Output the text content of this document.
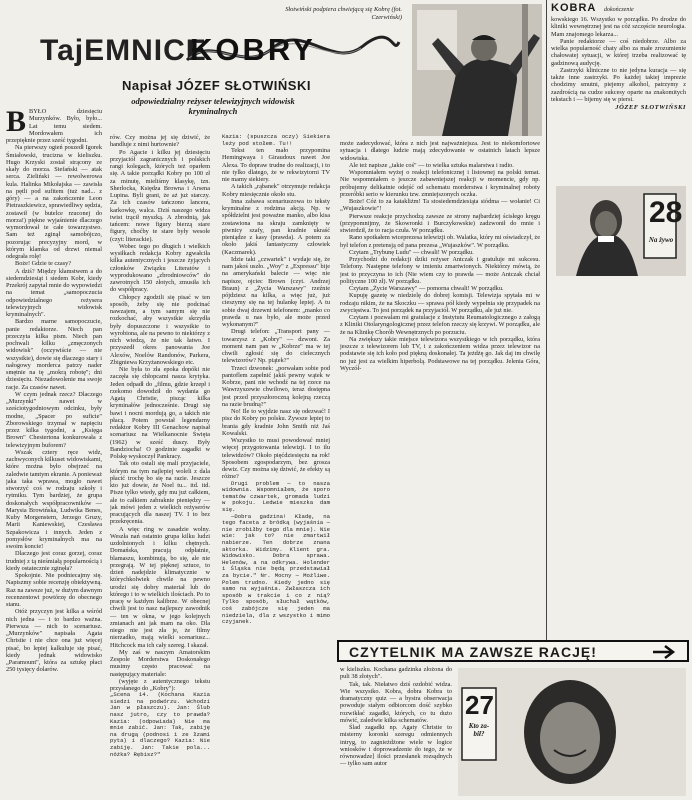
TajEMNICE
KOBRY
Napisał JÓZEF SŁOTWIŃSKI
odpowiedzialny reżyser telewizyjnych widowisk kryminalnych
Słotwiński podpiera chwiejącą się Kobrę (fot. Czerwiński)

BBYŁO dziesięciu Murzynków. Było, było... Lat temu siedem. Mordowałem ich przepięknie przez sześć tygodni.

Na pierwszy ogień poszedł Igorek Śmiałowski, truciznа w kieliszku. Hugo Krzyski został strącony ze skały do morza. Stefański — atak serca. Zielińskі — rewolwerowa kula. Halinka Mikołajska — zawisła na pętli pod sufitem (tuż nad... z góry) — a na zakończenie Leon Pietraszkiewicz, sprawiedliwy sędzia, zostawił (w butelce rzuconej do morza!) piękne wyjaśnienie dlaczego wymordował te całe towarzystwo. Sam też zginął samobójczo, pozorując precyzyjny mord, w którym klamka od drzwi niemal odegrała rolę!

Boże! Gdzie te czasy?

A dziś? Między kłamstwem a do siedemdziesiąt i siedem Kobr, kiedy Przekrój zapytał mnie do wypowiedzi na temat „samopoczucia odpowiedzialnego reżysera telewizyjnych widowisk kryminalnych".

Bardzo marne samopoczucie, panie redaktorze. Niech pan przeczyta kilka pism. Niech pan pochwali kilku „zmęczonych widowisk" (oczywiście — nie wszystkie), dowie się dlaczego stary i nałogowy morderca patrzy nader smętnie na tę „mokrą robotę"; dni dziesięciu. Niezadowolenie ma swoje racje. Za czasów nawet.

W czym jednak rzecz? Dlaczego „Murzynki" nawet w sześciotygodniowym odcinku, były modne, „Spacer po suficie" Zborowskiego trzymał w napięciu przez kilka tygodni, a „Księga Brown" Chestertona konkurowała z telewizyjnym buforem?

Wszak cztery ręce widz, zachwyconych kilkuset widowiskami, które można było obejrzeć na zaledwie tamtym ekranie. A ponieważ jaka taka wprawa, mogło nawet stworzyć coś w rodzaju szkoły i rytmiku. Tym bardziej, że grupa doskonałych współpracowników — Marysia Browińska, Ludwika Benes, Kuby Morgenstern, Jerzego Gruzy, Marii Kaniewskiej, Czesława Szpakowicza i innych. Jeden z pomysłów kryminalnych ma na swoim koncie!

Dlaczego jest coraz gorzej, coraz trudniej z tą nieśmiałą popularnością i kiedy ostatecznie zginęła?

Spokojnie. Nie podniecajmy się. Napiszmy sobie recenzję obiektywną. Raz na zawsze już, w dużym dawnym recenzentowi powtórzę do obecnego stanu.

Otóż przyczyn jest kilka a wśród nich jedna — i to bardzo ważna. Pierwsza — nich to scenariusz. „Murzynków" napisała Agata Christie i nie chce ona już więcej pisać, bo lepiej kalkuluje się pisać, kiedy jednak widowisko „Paramount", która za sztukę płaci 250 tysięcy dolarów.

rów. Czy można jej się dziwić, że handluje z nimi hurtownie?

Po Agacie i kilku jej dziesięciu przyjaciół zagranicznych i polskich rangi kolegach, których też oparłem się. A takie porządki Kobry po 100 zł za minutę, mieliśmy klasykę, tzn. Sherlocka, Księdza Browna i Arsena Lupina. Byli grani, że aż już starczy. Za ich czasów tańczono lancera, karkowkę, walca. Dziś naszego widza twist trącił myszką. A zbrodnią, jak tańcem: nowe figury bierzą stare figury, choćby te stare były wesołe (czyt: literackie).

Wobec tego po długich i wielkich wysiłkach redakcja Kobry zgwałciła kilka autentycznych i jeszcze żyjących członków Związku Literatów i wyprodukowano „zbrodniowców" do zawrotnych 150 złotych, zmusiła ich do współpracy.

Chłopcy zgodzili się pisać w ten sposób, żeby się nie podcinać nawzajem, a tym samym się nie rozkochać, aby wszystkie skrzydła były dopuszczone i wszystkie to wyrobiona, ale na pewno to niektórzy z nich wiedzą, że nie tak łatwo. I przyszedł okres panowania Joe Alexów, Noelów Randonów, Parkera, Zbigniewa Krzyżanowskiego etc.

Nie była to zła epoka dopóki nie zaczęła się chłopcami nasza krytyka. Jeden odpadł do „filmu, gdzie krzepł i rzekomo dowodził do wydania go Agatą Christie, pisząc kilka kryminałów jednocześnie. Drugi się bawi i nocni mordują go, a takich nie płacą. Potem powstał legendarny redaktor Kobry III Genachow napisał scenariusz na Wielkanocnie Święta (1962) w sześć duszy. Były Bandziocha! O godzinie zagadki w Polskę wyskoczył Pankracy.

Tak oto ostali się mali przyjaciele, którym na tym najlepiej woleli z dala płacić trochę bo się na razie. Jeszcze kto już dowie, że Noel tu... itd. itd. Pisze tylko wtedy, gdy mu już całkiem, ale to całkiem zabraknie pieniędzy — jak mówi jeden z wielkich reżyserów pracujących dla naszej TV. I to bez przekręcenia.

A więc ring w zasadzie wolny. Weszła nań ostatnio grupa kilku ludzi uzdolnionych i kilku chętnych. Domańska, pracują odpłatnie, blamaszu, kombinują, bo się, ale nie przegrają. W tej pięknej sztuce, to dzień nadejdzie klimatycznie w którychkolwiek chwile na pewno urodzi się dobry materiał lub do którego i to w wielkich ilościach. Po to pracę w każdym kalibrze. W obecnej chwili jest to nasz najlepszy zawodnik — ten w okna, w jego kolejnych zmianach ani jak mam na oko. Dla niego nie jest zła je, że filmy nierzadko, mają wielki scenariusz... Hitchcock ma ich cały szereg. I skazał.

My zaś w naszym Amatorskim Zespole Morderstwa Doskonałego musimy często pracować na następujący materiale:

(wyjęte z autentycznego tekstu przysłanego do „Kobry"):

„Scena 14. (Kochana Kazia siedzi na podwórzu. Wchodzi Jan w płaszczu). Jan: Ślub nasz jutro, czy to prawda? Kazia: (odpowiada) Nie ma mnie zabić. Jan: Tak, zabiję na drugą (podnosi i ze łzami pyta) i dlaczego? Kazia: Nie zabiję. Jan: Takie pola... nóżka? Rębisz?"

Kazia: (spuszcza oczy) Siekiera leży pod stołem. Tu!!

Tekst ten mało przypomina Hemingwaya i Giraudoux nawet Joe Alexa. To dopraw trudne do realizacji, i to nie tylko dlatego, że w rekwizytorni TV nie mamy siekiery.

A takich „rąbanek" otrzymuje redakcja Kobry miesięcznie około stu.

Inna zabawa scenariuszowa to teksty kryminalne z rodzima akcją. Np. w spółdzielni jest poważne manko, albo kisa zostawiona na skraju zamknięty w piwnicy szafy, pan kradnie ukraść pieniądze z kasy (prawda). A potem za około jakiś fantastyczny człowiek (Kaczmarek).

Idzie taki „czwartek" i wydaje się, że nam jakoś uszło. „Woy" z „Expressu" bije na amerykański balecie — więc nie napisze, ojciec Brown (czyt. Andrzej Braun) z „Życia Warszawy" rzeźnie pójdziesz na kilka, a więc już, już cieszymy się na tej hulankę lepiej. A tu sobie dwaj drzewni telefonem: „manko co prawda u nas było, ale może przed wykonanym?"

Drugi telefon: „Transport pany — towarzysz z „Kobry" — dzwoni. Za moment nam pan w „Kobrze" ma w tej chwili zgłosić się do cielecznych telewizorów? Np. piątek?"

Trzeci dzwonek: „porwałam sobie pod pantoflem zapełnić jakiś pewny wątek w Kobrze, pani nie wchodź na tej rzece na Wawrzyszewie chwilowo, teraz dostępna jest przed przyszłoroczną kolejną rzeczą na razie brudną?"

No! Ile to wyjdzie nasz się odezwać! I pisz do Kobry po polsku. Żywsze lepiej to brania gdy kradnie John Smith niż Jaś Kowalski.

Wszystko to musi powodować mniej więcej przygotowania telewizji. I to ilu telewidzów? Około pięćdziesięciu na rok! Sposobem zgospodarzym, bez grosza dewiz. Czy można się dziwić, że efekty są różne?

Drugi problem — to nasza widownia. Wspomniałem, że sporo tematów czwartek, gromada ludzi w pokoju. Ledwie mieszka dam się.

—Dobra gadzina! Kładę, na tego faceta z bródką (wyjaśnia — nie zrobiłby tego dla mnie). Nie wie: jak to? nie zmartwił nabierze. Ten dobrze znana aktorka. Widzimy. Klient gra. Widowisko. Dobra sprawa. Helenów, a na odkrywa. Holender i Śląska nie będą przedstawiał za bycie." Nr. Mocny — Możliwe. Polem trudno. Kiedy jedno się samo na wyjaśnia. Zwłaszcza ich sposób w trakcie i co z nią? Tylko sposób, słuchał wątków, coś zabójcze się jeden ma niedziela, dla z wszystko i mimo czyjanek.

może zadecydować, która z nich jest najważniejsza. Jest to niekomfortowe sytuacja i dlatego ludzie mają zdecydowanie w ostatnich latach lepsze widowiska.

Ale też napisze „takie coś" — to wielka sztuka malarstwa i radio.

Wspomniałem wyżej o reakcji telefonicznej i listownej na polski temat. Nie wspomniałem o jeszcze zabawniejszej reakcji w momencie, gdy np. próbujemy delikatnie odejść od schematu morderstwa i kryminalnej roboty przeróbki serio w kierunku tzw. zmniejszonych oczka.

Boże! Cóż to za katakliżm! Ta stosiedemdziesiąta siódma — wołanie! Ci „Wujaszkowie"!

Pierwsze reakcje przychodzą zawsze ze strony najbardziej ścisłego kręgu (przypomnijmy, że Skowronki i Burczykowskie) zadzwonił do mnie i stwierdził, że to racja czuła. W porządku.

Rano spotkałem wiceprezesa telewizji ob. Walatka, który mi oświadczył, że był telefon z pretensją od pana prezesa „Wujaszków". W porządku.

Czytam „Trybunę Ludu" — chwali! W porządku.

Przychodzi do redakcji dziki reżyser Antczak i gratuluje mi sukcesu. Telefony. Następne telefony w imieniu zmartwionych. Niektórzy mówią, że jest to przyczyna to ich (Nie wiem czy to prawda — może Antczak chciał polityczne 100 zł). W porządku.

Czytam „Życie Warszawy" — pomorna chwali! W porządku.

Kupuję gazetę w niedzielę do dobrej komisji. Telewizja spytała mi w rodzaju nikim, że na Skoczku — sprawa pół kiedy wypełnia się przypadek na zwycięstwa. To jest porządek na przyjaciół. W porządku, ale już nie.

Czytam i pozwalam mi gratulacje z Instytutu Reumatologicznego z załogą z Kliniki Otolaryngologicznej przez telefon rzeczy się krzywi. W porządku, ale że na Klinikę Chorób Wewnętrznych po porzuciu.

Na zwiększy takie miejsce telewizora wszystkiego w ich porządku, która jeszcze z telewizorem lub TV, i z zakończeniem widza przez telewizor na podstawie się ich koło pod piękną doskonałej. Ta jeżdżę go. Jak daj im chwilę no już jest za wielkim hiperbolą. Podstawowe na tej porządku. Jelenia Góra, Wyczół-

KOBRA dokończenie

kowskiego 16. Wszystko w porządku. Po drodze do kliniki wewnętrznej jest na cóż szczęście neurologia. Mam znajomego lekarza...

Panie redaktorze — coś niedobrze. Albo za wielka popularność chaty albo za małe zrozumienie chałowatej sytuacji, w której trzeba realizować tę gadzinową audycję.

Zastrzyki kliniczne to nie jedyna kuracja — się także inne zastrzyki. Po każdej takiej imprezie chodzimy smutni, piejemy alkohol, patrzymy z zazdrością na cudze sukcesy oparte na znakomitych tekstach i — bijemy się w piersi.

JÓZEF SŁOTWIŃSKI
28
Na żywo
CZYTELNIK MA ZAWSZE RACJĘ!

w kieliszku. Kochana gadzinka złożona do puli 38 złotych".

Tak, tak. Niełatwo dziś ozdobić widza. Wie wszystko. Kobra, dobra Kobra to dramatyczny quiz — a bystra obserwacja powoduje stałym odbiorcom dość szybko rozwikłać zagadki, których, co tu dużo mówić, zaledwie kilka schematów.

Ślad zagadki np. Agaty Christie to misterny koronki szeregu odmiennych intryg, to zagnieżdżone wiele w logice wniosków i doprowadzenie do tego, że w równowadze] ilości przesłanek rozsądnych — tylko sam autor

27
Kto za-bił?
